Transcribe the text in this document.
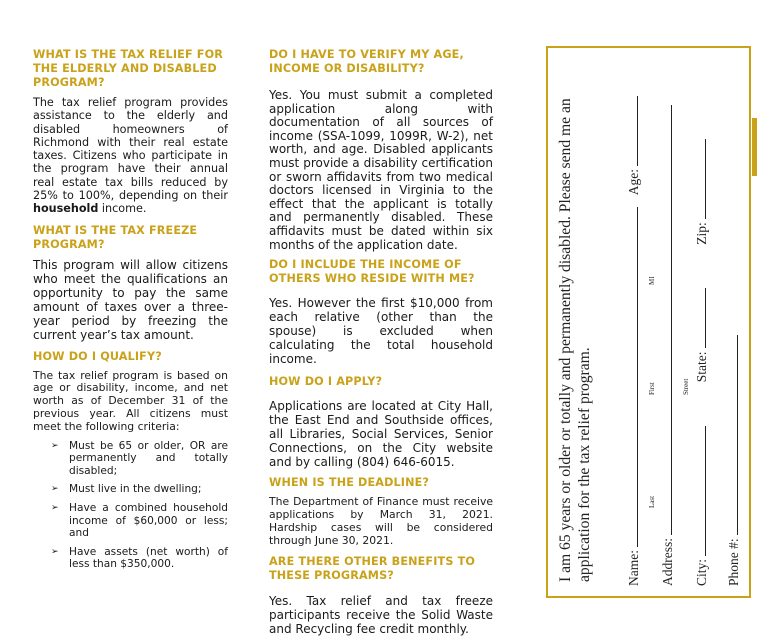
WHAT IS THE TAX RELIEF FOR THE ELDERLY AND DISABLED PROGRAM?

The tax relief program provides assistance to the elderly and disabled homeowners of Richmond with their real estate taxes. Citizens who participate in the program have their annual real estate tax bills reduced by 25% to 100%, depending on their household income.

WHAT IS THE TAX FREEZE PROGRAM?

This program will allow citizens who meet the qualifications an opportunity to pay the same amount of taxes over a three-year period by freezing the current year’s tax amount.

HOW DO I QUALIFY?

The tax relief program is based on age or disability, income, and net worth as of December 31 of the previous year. All citizens must meet the following criteria:

➢ Must be 65 or older, OR are permanently and totally disabled;
➢ Must live in the dwelling;
➢ Have a combined household income of $60,000 or less; and
➢ Have assets (net worth) of less than $350,000.
DO I HAVE TO VERIFY MY AGE, INCOME OR DISABILITY?

Yes. You must submit a completed application along with documentation of all sources of income (SSA-1099, 1099R, W-2), net worth, and age. Disabled applicants must provide a disability certification or sworn affidavits from two medical doctors licensed in Virginia to the effect that the applicant is totally and permanently disabled. These affidavits must be dated within six months of the application date.

DO I INCLUDE THE INCOME OF OTHERS WHO RESIDE WITH ME?

Yes. However the first $10,000 from each relative (other than the spouse) is excluded when calculating the total household income.

HOW DO I APPLY?

Applications are located at City Hall, the East End and Southside offices, all Libraries, Social Services, Senior Connections, on the City website and by calling (804) 646-6015.

WHEN IS THE DEADLINE?

The Department of Finance must receive applications by March 31, 2021. Hardship cases will be considered through June 30, 2021.

ARE THERE OTHER BENEFITS TO THESE PROGRAMS?

Yes. Tax relief and tax freeze participants receive the Solid Waste and Recycling fee credit monthly.

I am 65 years or older or totally and permanently disabled. Please send me an application for the tax relief program. Name:  Age:
Last
First
MI
Address:
Street
City:  State:  Zip:
Phone #:
